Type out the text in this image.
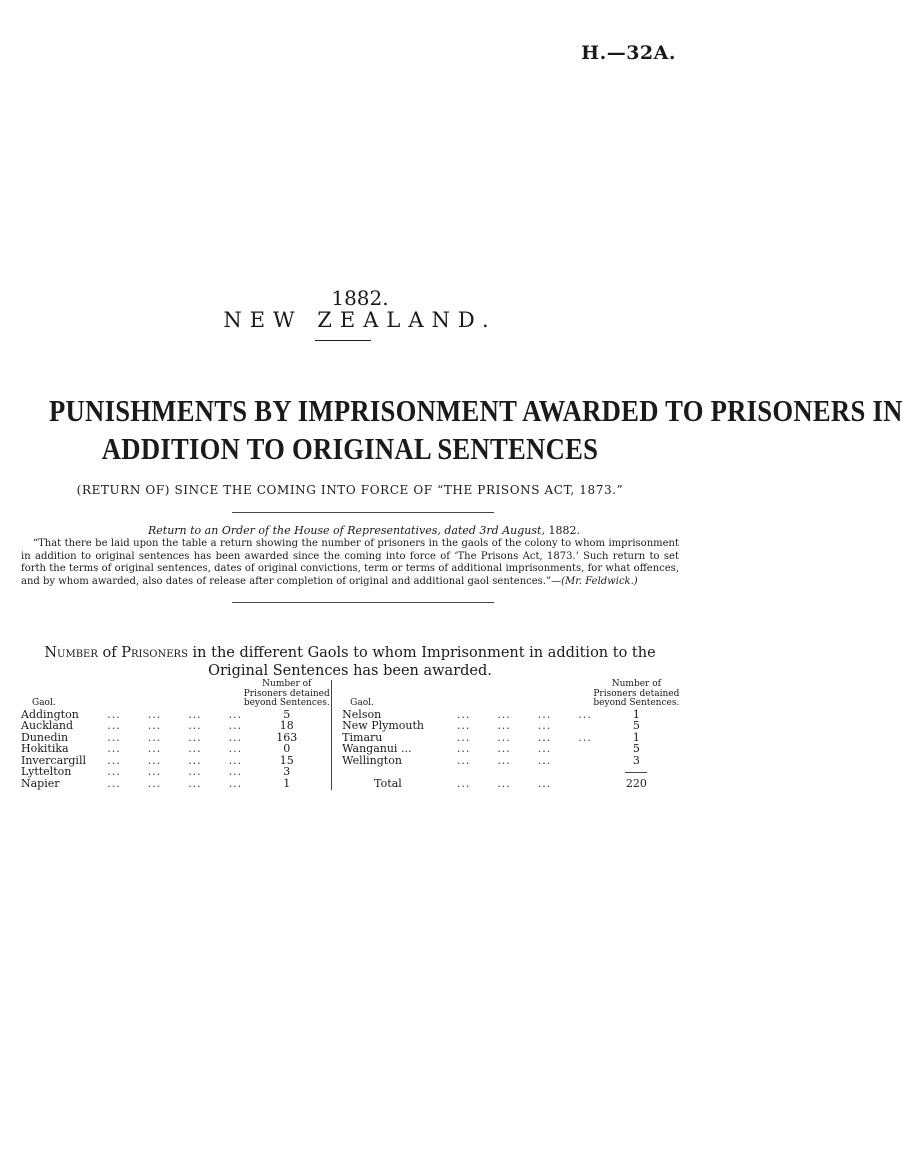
H.—32A.
1882.
NEW ZEALAND.
PUNISHMENTS BY IMPRISONMENT AWARDED TO PRISONERS IN
ADDITION TO ORIGINAL SENTENCES
(RETURN OF) SINCE THE COMING INTO FORCE OF “THE PRISONS ACT, 1873.”
Return to an Order of the House of Representatives, dated 3rd August, 1882.
“That there be laid upon the table a return showing the number of prisoners in the gaols of the colony to whom imprisonment in addition to original sentences has been awarded since the coming into force of ‘The Prisons Act, 1873.’ Such return to set forth the terms of original sentences, dates of original convictions, term or terms of additional imprisonments, for what offences, and by whom awarded, also dates of release after completion of original and additional gaol sentences.”—(Mr. Feldwick.)
Number of Prisoners in the different Gaols to whom Imprisonment in addition to the Original Sentences has been awarded.
Gaol.		Number of Prisoners detained beyond Sentences.		Gaol.		Number of Prisoners detained beyond Sentences.
Addington	...      ...      ...      ...	5		Nelson	...      ...      ...      ...	1
Auckland	...      ...      ...      ...	18		New Plymouth	...      ...      ...	5
Dunedin	...      ...      ...      ...	163		Timaru	...      ...      ...      ...	1
Hokitika	...      ...      ...      ...	0		Wanganui ...	...      ...      ...	5
Invercargill	...      ...      ...      ...	15		Wellington	...      ...      ...	3
Lyttelton	...      ...      ...      ...	3				
Napier	...      ...      ...      ...	1		Total	...      ...      ...	220
